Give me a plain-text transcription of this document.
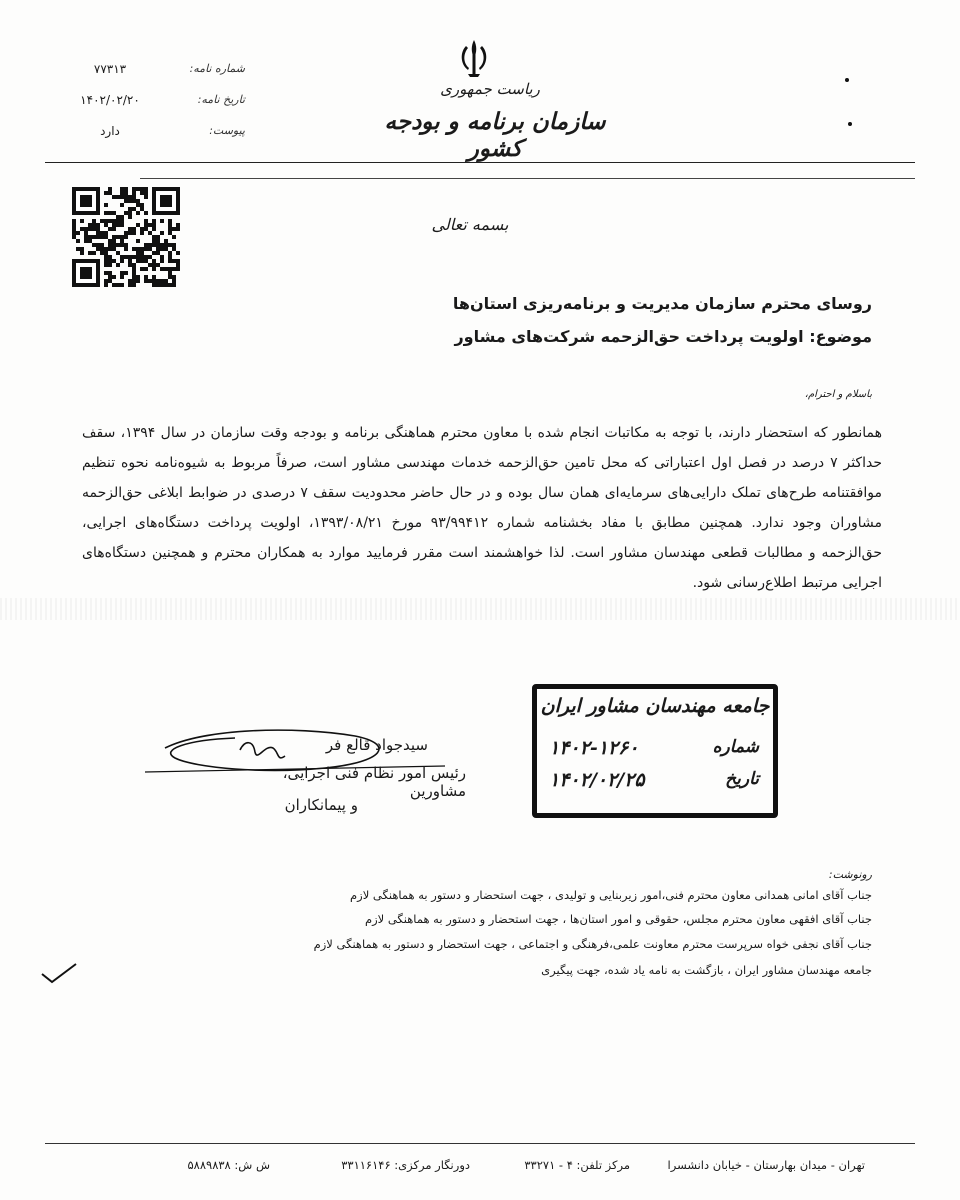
۷۷۳۱۳	شماره نامه:
۱۴۰۲/۰۲/۲۰	تاریخ نامه:
دارد	پیوست:
ریاست جمهوری
سازمان برنامه و بودجه کشور
بسمه تعالی
روسای محترم سازمان مدیریت و برنامه‌ریزی استان‌ها
موضوع: اولویت پرداخت حق‌الزحمه شرکت‌های مشاور
باسلام و احترام،
همانطور که استحضار دارند، با توجه به مکاتبات انجام شده با معاون محترم هماهنگی برنامه و بودجه وقت سازمان در سال ۱۳۹۴، سقف حداکثر ۷ درصد در فصل اول اعتباراتی که محل تامین حق‌الزحمه خدمات مهندسی مشاور است، صرفاً مربوط به شیوه‌نامه نحوه تنظیم موافقتنامه طرح‌های تملک دارایی‌های سرمایه‌ای همان سال بوده و در حال حاضر محدودیت سقف ۷ درصدی در ضوابط ابلاغی حق‌الزحمه مشاوران وجود ندارد. همچنین مطابق با مفاد بخشنامه شماره ۹۳/۹۹۴۱۲ مورخ ۱۳۹۳/۰۸/۲۱، اولویت پرداخت دستگاه‌های اجرایی، حق‌الزحمه و مطالبات قطعی مهندسان مشاور است. لذا خواهشمند است مقرر فرمایید موارد به همکاران محترم و همچنین دستگاه‌های اجرایی مرتبط اطلاع‌رسانی شود.
سیدجواد قالع فر
رئیس امور نظام فنی اجرایی، مشاورین
و پیمانکاران
جامعه مهندسان مشاور ایران
۱۴۰۲-۱۲۶۰	شماره
۱۴۰۲/۰۲/۲۵	تاریخ
رونوشت:
جناب آقای امانی همدانی معاون محترم فنی،امور زیربنایی و تولیدی ، جهت استحضار و دستور به هماهنگی لازم
جناب آقای افقهی معاون محترم مجلس، حقوقی و امور استان‌ها ، جهت استحضار و دستور به هماهنگی لازم
جناب آقای نجفی خواه سرپرست محترم معاونت علمی،فرهنگی و اجتماعی ، جهت استحضار و دستور به هماهنگی لازم
جامعه مهندسان مشاور ایران ، بازگشت به نامه یاد شده، جهت پیگیری
تهران - میدان بهارستان - خیابان دانشسرا
مرکز تلفن: ۴ - ۳۳۲۷۱
دورنگار مرکزی: ۳۳۱۱۶۱۴۶
ش ش: ۵۸۸۹۸۳۸
